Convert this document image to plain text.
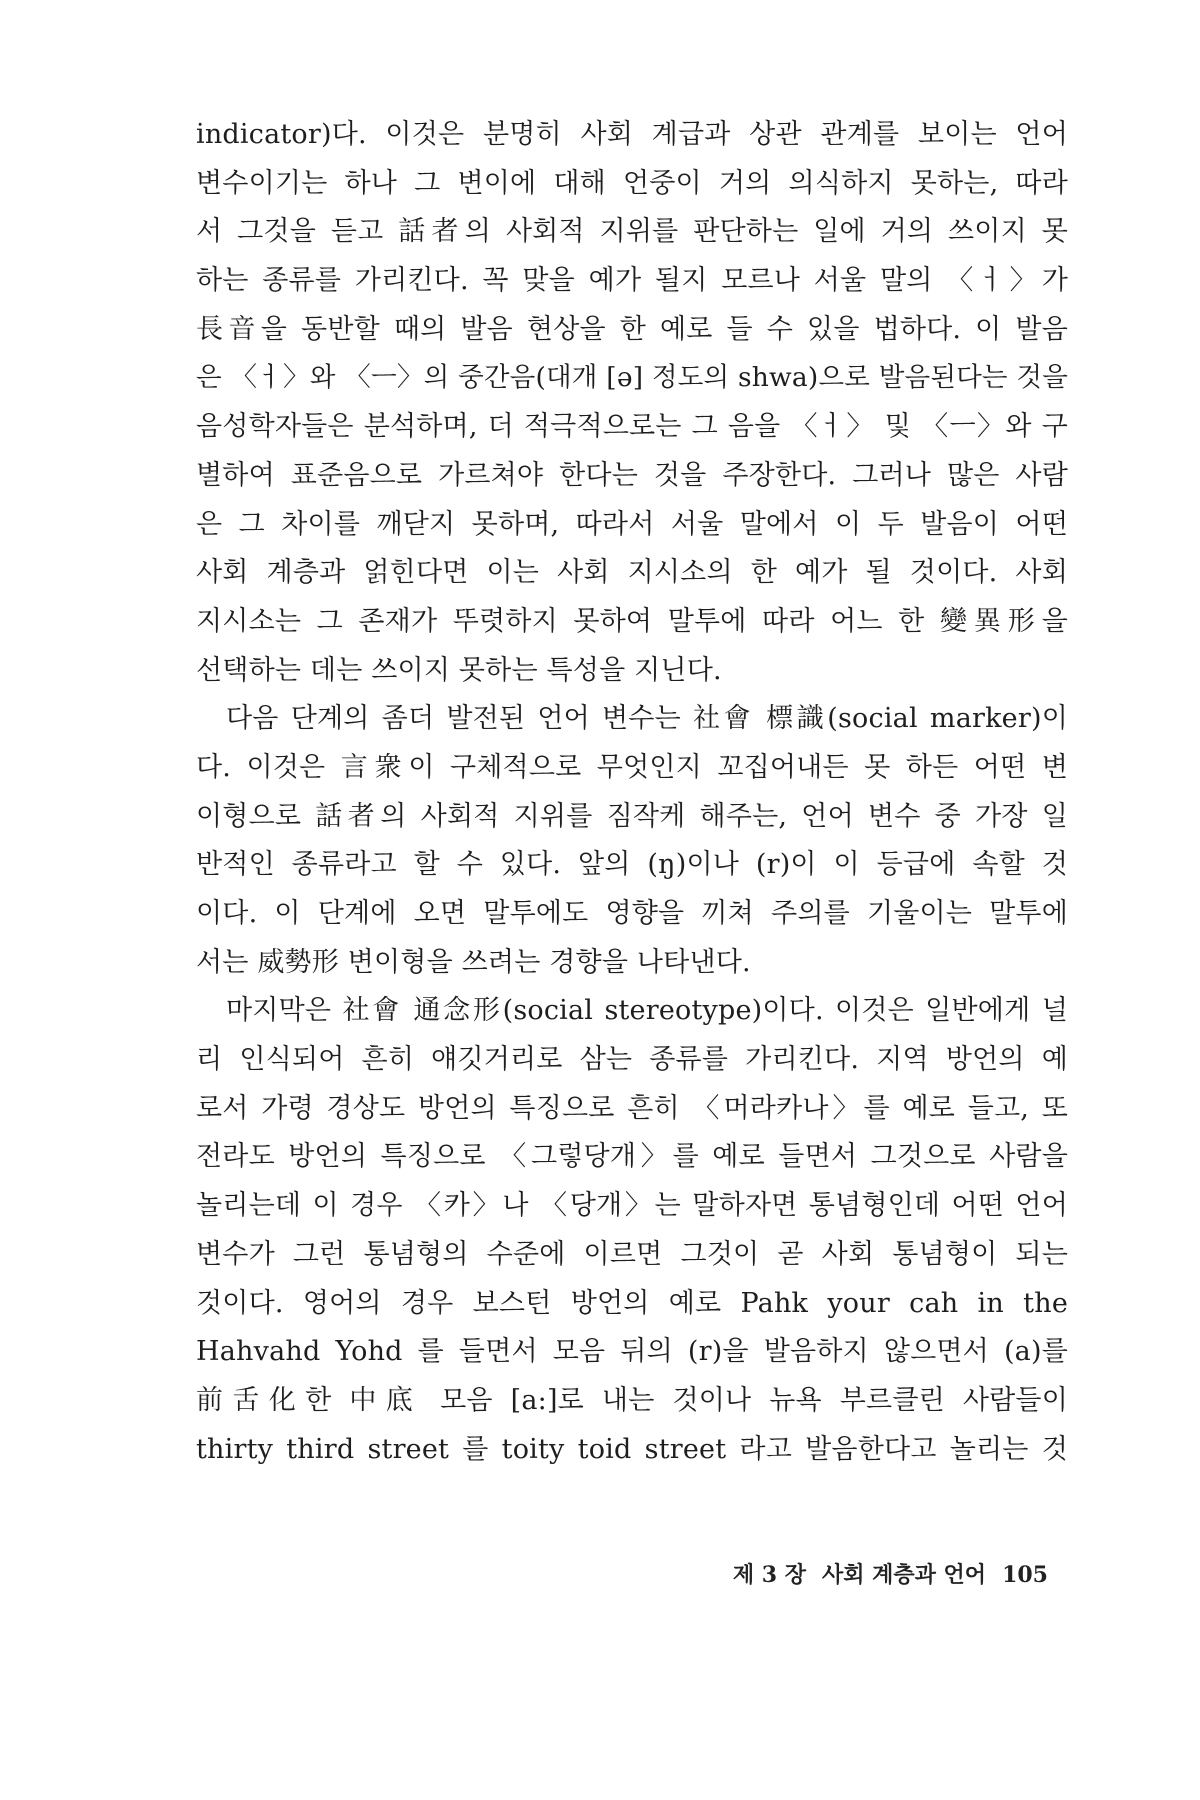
indicator)다. 이것은 분명히 사회 계급과 상관 관계를 보이는 언어
변수이기는 하나 그 변이에 대해 언중이 거의 의식하지 못하는, 따라
서 그것을 듣고 話者의 사회적 지위를 판단하는 일에 거의 쓰이지 못
하는 종류를 가리킨다. 꼭 맞을 예가 될지 모르나 서울 말의 〈ㅓ〉가
長音을 동반할 때의 발음 현상을 한 예로 들 수 있을 법하다. 이 발음
은 〈ㅓ〉와 〈ㅡ〉의 중간음(대개 [ə] 정도의 shwa)으로 발음된다는 것을
음성학자들은 분석하며, 더 적극적으로는 그 음을 〈ㅓ〉 및 〈ㅡ〉와 구
별하여 표준음으로 가르쳐야 한다는 것을 주장한다. 그러나 많은 사람
은 그 차이를 깨닫지 못하며, 따라서 서울 말에서 이 두 발음이 어떤
사회 계층과 얽힌다면 이는 사회 지시소의 한 예가 될 것이다. 사회
지시소는 그 존재가 뚜렷하지 못하여 말투에 따라 어느 한 變異形을
선택하는 데는 쓰이지 못하는 특성을 지닌다.
다음 단계의 좀더 발전된 언어 변수는 社會 標識(social marker)이
다. 이것은 言衆이 구체적으로 무엇인지 꼬집어내든 못 하든 어떤 변
이형으로 話者의 사회적 지위를 짐작케 해주는, 언어 변수 중 가장 일
반적인 종류라고 할 수 있다. 앞의 (ŋ)이나 (r)이 이 등급에 속할 것
이다. 이 단계에 오면 말투에도 영향을 끼쳐 주의를 기울이는 말투에
서는 威勢形 변이형을 쓰려는 경향을 나타낸다.
마지막은 社會 通念形(social stereotype)이다. 이것은 일반에게 널
리 인식되어 흔히 얘깃거리로 삼는 종류를 가리킨다. 지역 방언의 예
로서 가령 경상도 방언의 특징으로 흔히 〈머라카나〉를 예로 들고, 또
전라도 방언의 특징으로 〈그렇당개〉를 예로 들면서 그것으로 사람을
놀리는데 이 경우 〈카〉나 〈당개〉는 말하자면 통념형인데 어떤 언어
변수가 그런 통념형의 수준에 이르면 그것이 곧 사회 통념형이 되는
것이다. 영어의 경우 보스턴 방언의 예로 Pahk your cah in the
Hahvahd Yohd 를 들면서 모음 뒤의 (r)을 발음하지 않으면서 (a)를
前舌化한 中底 모음 [a:]로 내는 것이나 뉴욕 부르클린 사람들이
thirty third street 를 toity toid street 라고 발음한다고 놀리는 것
제 3 장 사회 계층과 언어 105
